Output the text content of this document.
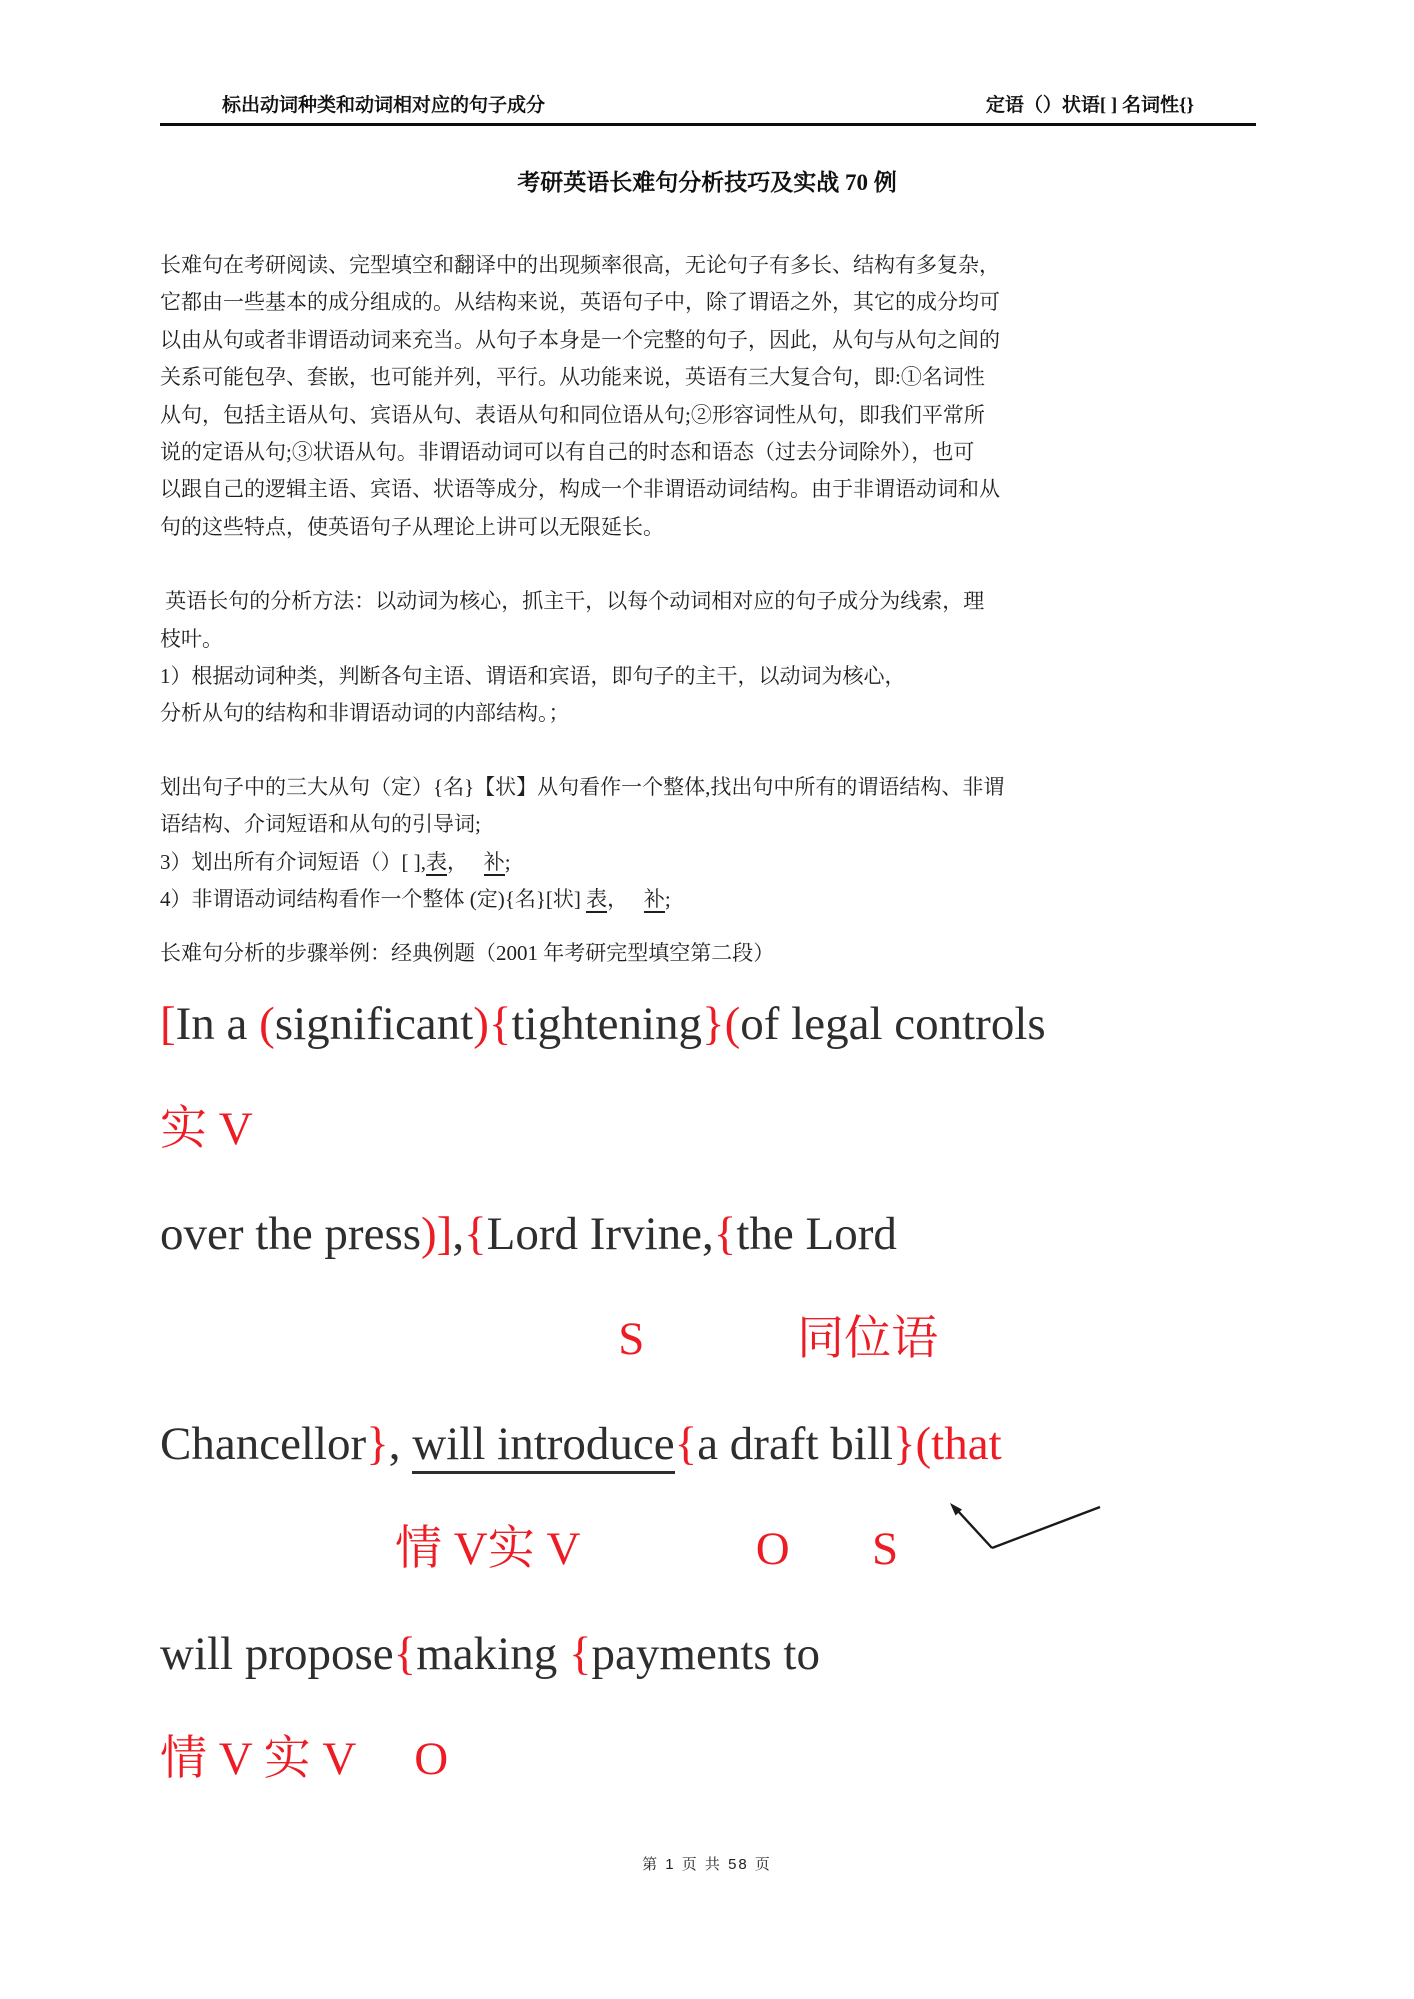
标出动词种类和动词相对应的句子成分	定语（）状语[ ] 名词性{}
考研英语长难句分析技巧及实战 70 例
长难句在考研阅读、完型填空和翻译中的出现频率很高，无论句子有多长、结构有多复杂，
它都由一些基本的成分组成的。从结构来说，英语句子中，除了谓语之外，其它的成分均可
以由从句或者非谓语动词来充当。从句子本身是一个完整的句子，因此，从句与从句之间的
关系可能包孕、套嵌，也可能并列，平行。从功能来说，英语有三大复合句，即:①名词性
从句，包括主语从句、宾语从句、表语从句和同位语从句;②形容词性从句，即我们平常所
说的定语从句;③状语从句。非谓语动词可以有自己的时态和语态（过去分词除外），也可
以跟自己的逻辑主语、宾语、状语等成分，构成一个非谓语动词结构。由于非谓语动词和从
句的这些特点，使英语句子从理论上讲可以无限延长。
英语长句的分析方法：以动词为核心，抓主干，以每个动词相对应的句子成分为线索，理
枝叶。
1）根据动词种类，判断各句主语、谓语和宾语，即句子的主干，以动词为核心，
分析从句的结构和非谓语动词的内部结构。；
划出句子中的三大从句（定）{名}【状】从句看作一个整体,找出句中所有的谓语结构、非谓
语结构、介词短语和从句的引导词;
3）划出所有介词短语（）[ ],表，   补;
4）非谓语动词结构看作一个整体 (定){名}[状] 表，   补;
长难句分析的步骤举例：经典例题（2001 年考研完型填空第二段）
[In a (significant){tightening}(of legal controls
实 V
over the press)],{Lord Irvine,{the Lord
S	同位语
Chancellor}, will introduce{a draft bill}(that
情 V实 V	O S
will propose{making {payments to
情 V 实 V O
第 1 页 共 58 页
